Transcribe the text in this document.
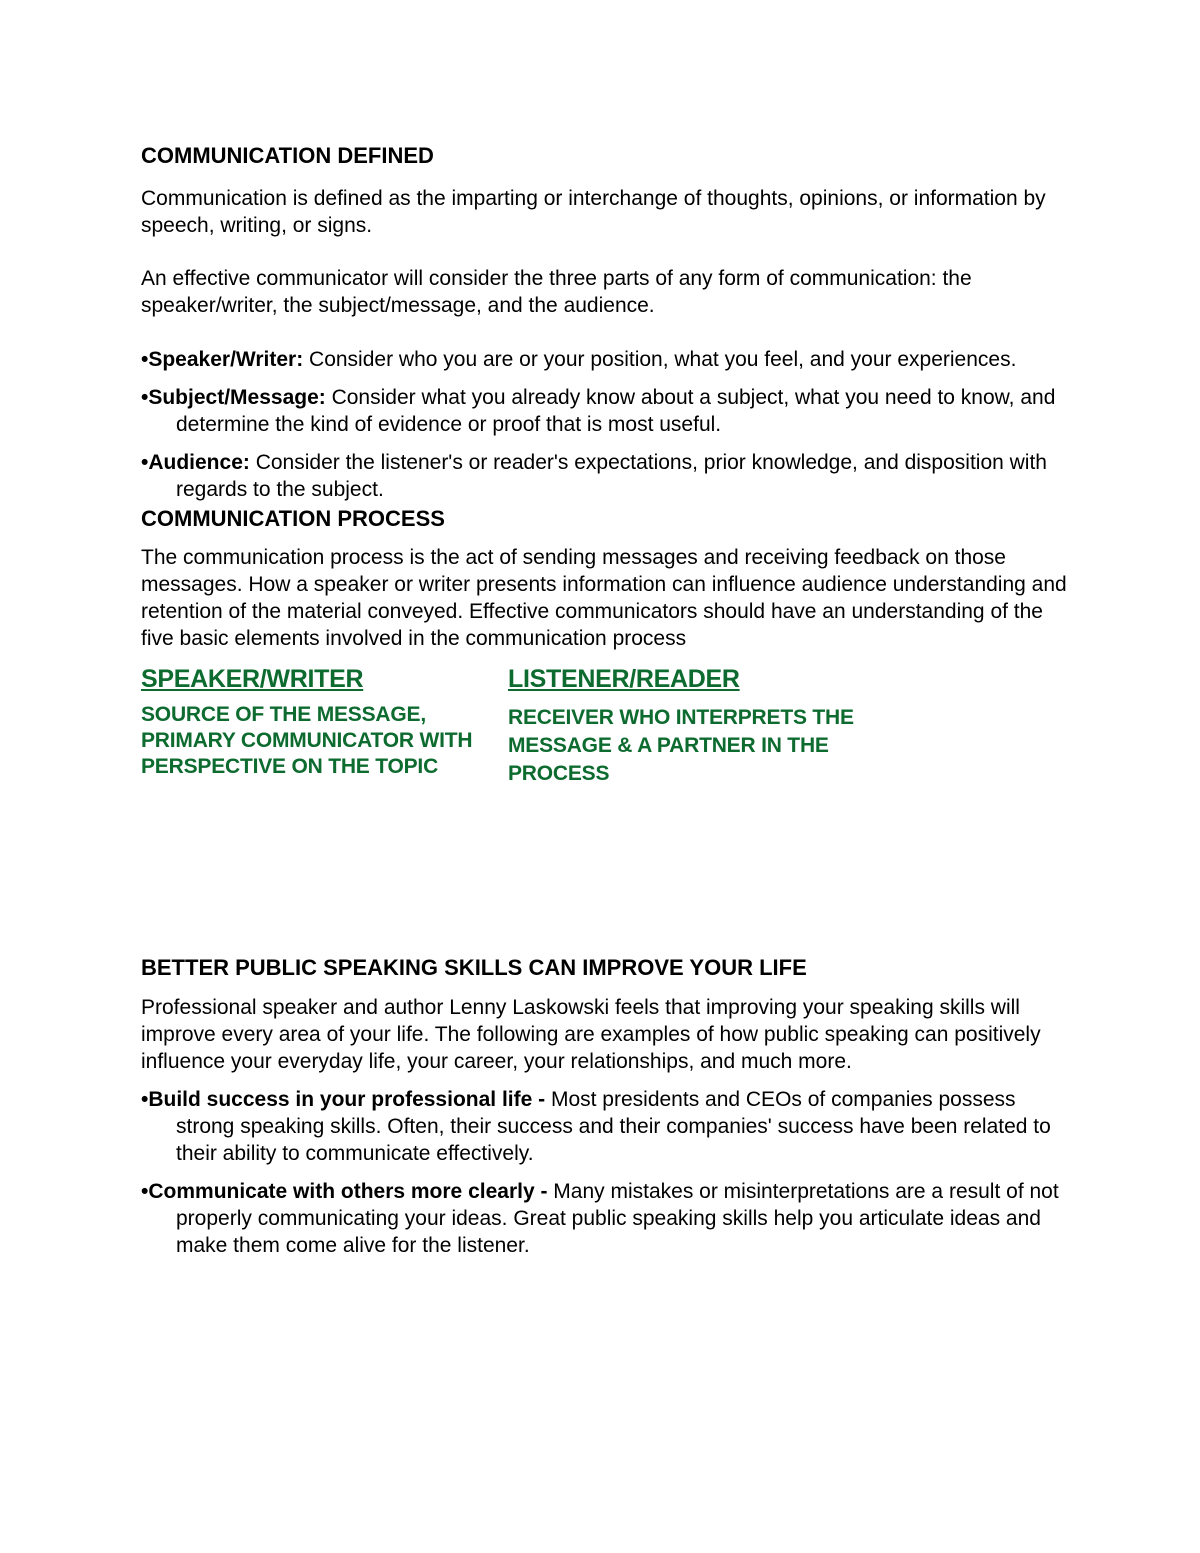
COMMUNICATION DEFINED

Communication is defined as the imparting or interchange of thoughts, opinions, or information by speech, writing, or signs.

An effective communicator will consider the three parts of any form of communication: the speaker/writer, the subject/message, and the audience.

•Speaker/Writer: Consider who you are or your position, what you feel, and your experiences.

•Subject/Message: Consider what you already know about a subject, what you need to know, and determine the kind of evidence or proof that is most useful.

•Audience: Consider the listener's or reader's expectations, prior knowledge, and disposition with regards to the subject.

COMMUNICATION PROCESS

The communication process is the act of sending messages and receiving feedback on those messages. How a speaker or writer presents information can influence audience understanding and retention of the material conveyed. Effective communicators should have an understanding of the five basic elements involved in the communication process

SPEAKER/WRITER
SOURCE OF THE MESSAGE, PRIMARY COMMUNICATOR WITH PERSPECTIVE ON THE TOPIC
LISTENER/READER
RECEIVER WHO INTERPRETS THE MESSAGE & A PARTNER IN THE PROCESS
BETTER PUBLIC SPEAKING SKILLS CAN IMPROVE YOUR LIFE

Professional speaker and author Lenny Laskowski feels that improving your speaking skills will improve every area of your life. The following are examples of how public speaking can positively influence your everyday life, your career, your relationships, and much more.

•Build success in your professional life - Most presidents and CEOs of companies possess strong speaking skills. Often, their success and their companies' success have been related to their ability to communicate effectively.

•Communicate with others more clearly - Many mistakes or misinterpretations are a result of not properly communicating your ideas. Great public speaking skills help you articulate ideas and make them come alive for the listener.
